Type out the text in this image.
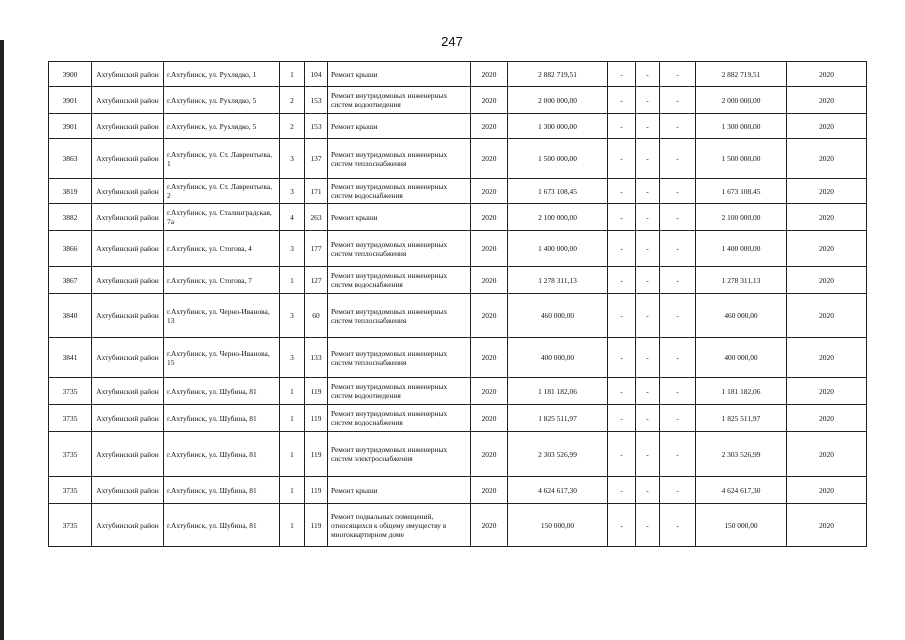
247
3900	Ахтубинский район	г.Ахтубинск, ул. Рухлядко, 1	1	104	Ремонт крыши	2020	2 882 719,51	-	-	-	2 882 719,51	2020
3901	Ахтубинский район	г.Ахтубинск, ул. Рухлядко, 5	2	153	Ремонт внутридомовых инженерных систем водоотведения	2020	2 000 000,00	-	-	-	2 000 000,00	2020
3901	Ахтубинский район	г.Ахтубинск, ул. Рухлядко, 5	2	153	Ремонт крыши	2020	1 300 000,00	-	-	-	1 300 000,00	2020
3863	Ахтубинский район	г.Ахтубинск, ул. Ст. Лаврентьева, 1	3	137	Ремонт внутридомовых инженерных систем теплоснабжения	2020	1 500 000,00	-	-	-	1 500 000,00	2020
3819	Ахтубинский район	г.Ахтубинск, ул. Ст. Лаврентьева, 2	3	171	Ремонт внутридомовых инженерных систем водоснабжения	2020	1 673 108,45	-	-	-	1 673 108,45	2020
3882	Ахтубинский район	г.Ахтубинск, ул. Сталинградская, 7а	4	263	Ремонт крыши	2020	2 100 000,00	-	-	-	2 100 000,00	2020
3866	Ахтубинский район	г.Ахтубинск, ул. Стогова, 4	3	177	Ремонт внутридомовых инженерных систем теплоснабжения	2020	1 400 000,00	-	-	-	1 400 000,00	2020
3867	Ахтубинский район	г.Ахтубинск, ул. Стогова, 7	1	127	Ремонт внутридомовых инженерных систем водоснабжения	2020	1 278 311,13	-	-	-	1 278 311,13	2020
3840	Ахтубинский район	г.Ахтубинск, ул. Черно-Иванова, 13	3	60	Ремонт внутридомовых инженерных систем теплоснабжения	2020	460 000,00	-	-	-	460 000,00	2020
3841	Ахтубинский район	г.Ахтубинск, ул. Черно-Иванова, 15	3	133	Ремонт внутридомовых инженерных систем теплоснабжения	2020	400 000,00	-	-	-	400 000,00	2020
3735	Ахтубинский район	г.Ахтубинск, ул. Шубина, 81	1	119	Ремонт внутридомовых инженерных систем водоотведения	2020	1 181 182,06	-	-	-	1 181 182,06	2020
3735	Ахтубинский район	г.Ахтубинск, ул. Шубина, 81	1	119	Ремонт внутридомовых инженерных систем водоснабжения	2020	1 825 511,97	-	-	-	1 825 511,97	2020
3735	Ахтубинский район	г.Ахтубинск, ул. Шубина, 81	1	119	Ремонт внутридомовых инженерных систем электроснабжения	2020	2 303 526,99	-	-	-	2 303 526,99	2020
3735	Ахтубинский район	г.Ахтубинск, ул. Шубина, 81	1	119	Ремонт крыши	2020	4 624 617,30	-	-	-	4 624 617,30	2020
3735	Ахтубинский район	г.Ахтубинск, ул. Шубина, 81	1	119	Ремонт подвальных помещений, относящихся к общему имуществу в многоквартирном доме	2020	150 000,00	-	-	-	150 000,00	2020
